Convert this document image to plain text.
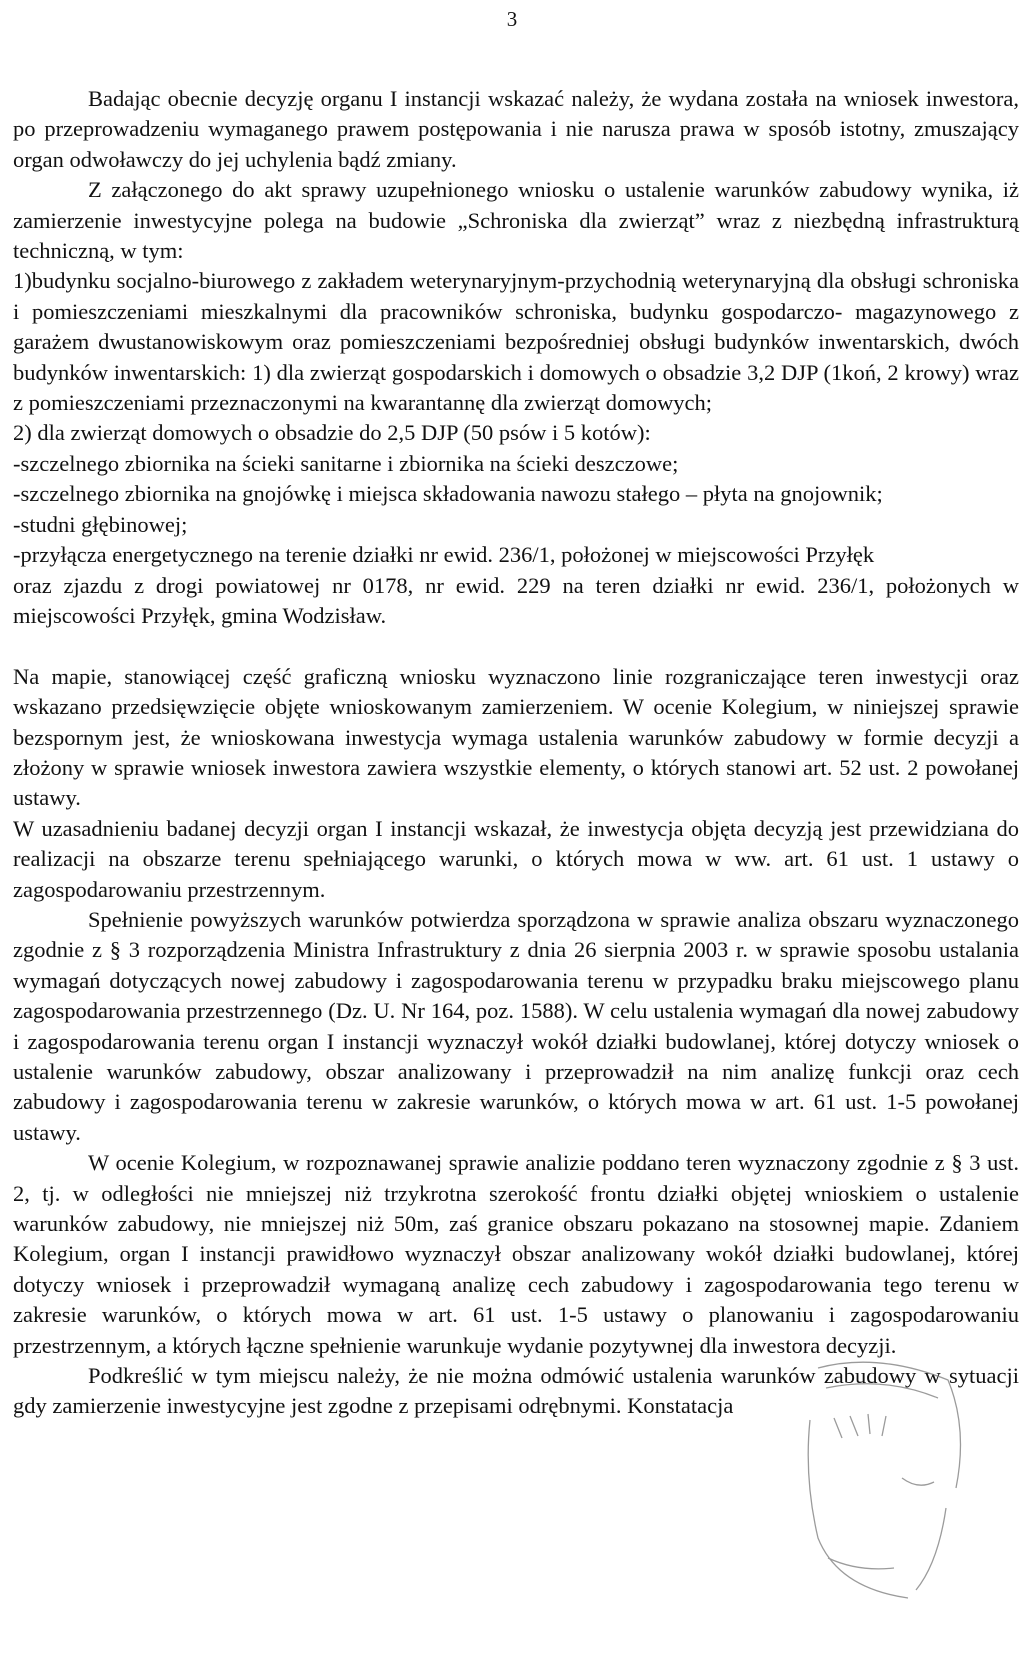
3

Badając obecnie decyzję organu I instancji wskazać należy, że wydana została na wniosek inwestora, po przeprowadzeniu wymaganego prawem postępowania i nie narusza prawa w sposób istotny, zmuszający organ odwoławczy do jej uchylenia bądź zmiany.

Z załączonego do akt sprawy uzupełnionego wniosku o ustalenie warunków zabudowy wynika, iż zamierzenie inwestycyjne polega na budowie „Schroniska dla zwierząt” wraz z niezbędną infrastrukturą techniczną, w tym:

1)budynku socjalno-biurowego z zakładem weterynaryjnym-przychodnią weterynaryjną dla obsługi schroniska i pomieszczeniami mieszkalnymi dla pracowników schroniska, budynku gospodarczo- magazynowego z garażem dwustanowiskowym oraz pomieszczeniami bezpośredniej obsługi budynków inwentarskich, dwóch budynków inwentarskich: 1) dla zwierząt gospodarskich i domowych o obsadzie 3,2 DJP (1koń, 2 krowy) wraz z pomieszczeniami przeznaczonymi na kwarantannę dla zwierząt domowych;

2) dla zwierząt domowych o obsadzie do 2,5 DJP (50 psów i 5 kotów):

-szczelnego zbiornika na ścieki sanitarne i zbiornika na ścieki deszczowe;

-szczelnego zbiornika na gnojówkę i miejsca składowania nawozu stałego – płyta na gnojownik;

-studni głębinowej;

-przyłącza energetycznego na terenie działki nr ewid. 236/1, położonej w miejscowości Przyłęk

oraz zjazdu z drogi powiatowej nr 0178, nr ewid. 229 na teren działki nr ewid. 236/1, położonych w miejscowości Przyłęk, gmina Wodzisław.

Na mapie, stanowiącej część graficzną wniosku wyznaczono linie rozgraniczające teren inwestycji oraz wskazano przedsięwzięcie objęte wnioskowanym zamierzeniem. W ocenie Kolegium, w niniejszej sprawie bezspornym jest, że wnioskowana inwestycja wymaga ustalenia warunków zabudowy w formie decyzji a złożony w sprawie wniosek inwestora zawiera wszystkie elementy, o których stanowi art. 52 ust. 2 powołanej ustawy.

W uzasadnieniu badanej decyzji organ I instancji wskazał, że inwestycja objęta decyzją jest przewidziana do realizacji na obszarze terenu spełniającego warunki, o których mowa w ww. art. 61 ust. 1 ustawy o zagospodarowaniu przestrzennym.

Spełnienie powyższych warunków potwierdza sporządzona w sprawie analiza obszaru wyznaczonego zgodnie z § 3 rozporządzenia Ministra Infrastruktury z dnia 26 sierpnia 2003 r. w sprawie sposobu ustalania wymagań dotyczących nowej zabudowy i zagospodarowania terenu w przypadku braku miejscowego planu zagospodarowania przestrzennego (Dz. U. Nr 164, poz. 1588). W celu ustalenia wymagań dla nowej zabudowy i zagospodarowania terenu organ I instancji wyznaczył wokół działki budowlanej, której dotyczy wniosek o ustalenie warunków zabudowy, obszar analizowany i przeprowadził na nim analizę funkcji oraz cech zabudowy i zagospodarowania terenu w zakresie warunków, o których mowa w art. 61 ust. 1-5 powołanej ustawy.

W ocenie Kolegium, w rozpoznawanej sprawie analizie poddano teren wyznaczony zgodnie z § 3 ust. 2, tj. w odległości nie mniejszej niż trzykrotna szerokość frontu działki objętej wnioskiem o ustalenie warunków zabudowy, nie mniejszej niż 50m, zaś granice obszaru pokazano na stosownej mapie. Zdaniem Kolegium, organ I instancji prawidłowo wyznaczył obszar analizowany wokół działki budowlanej, której dotyczy wniosek i przeprowadził wymaganą analizę cech zabudowy i zagospodarowania tego terenu w zakresie warunków, o których mowa w art. 61 ust. 1-5 ustawy o planowaniu i zagospodarowaniu przestrzennym, a których łączne spełnienie warunkuje wydanie pozytywnej dla inwestora decyzji.

Podkreślić w tym miejscu należy, że nie można odmówić ustalenia warunków zabudowy w sytuacji gdy zamierzenie inwestycyjne jest zgodne z przepisami odrębnymi. Konstatacja
